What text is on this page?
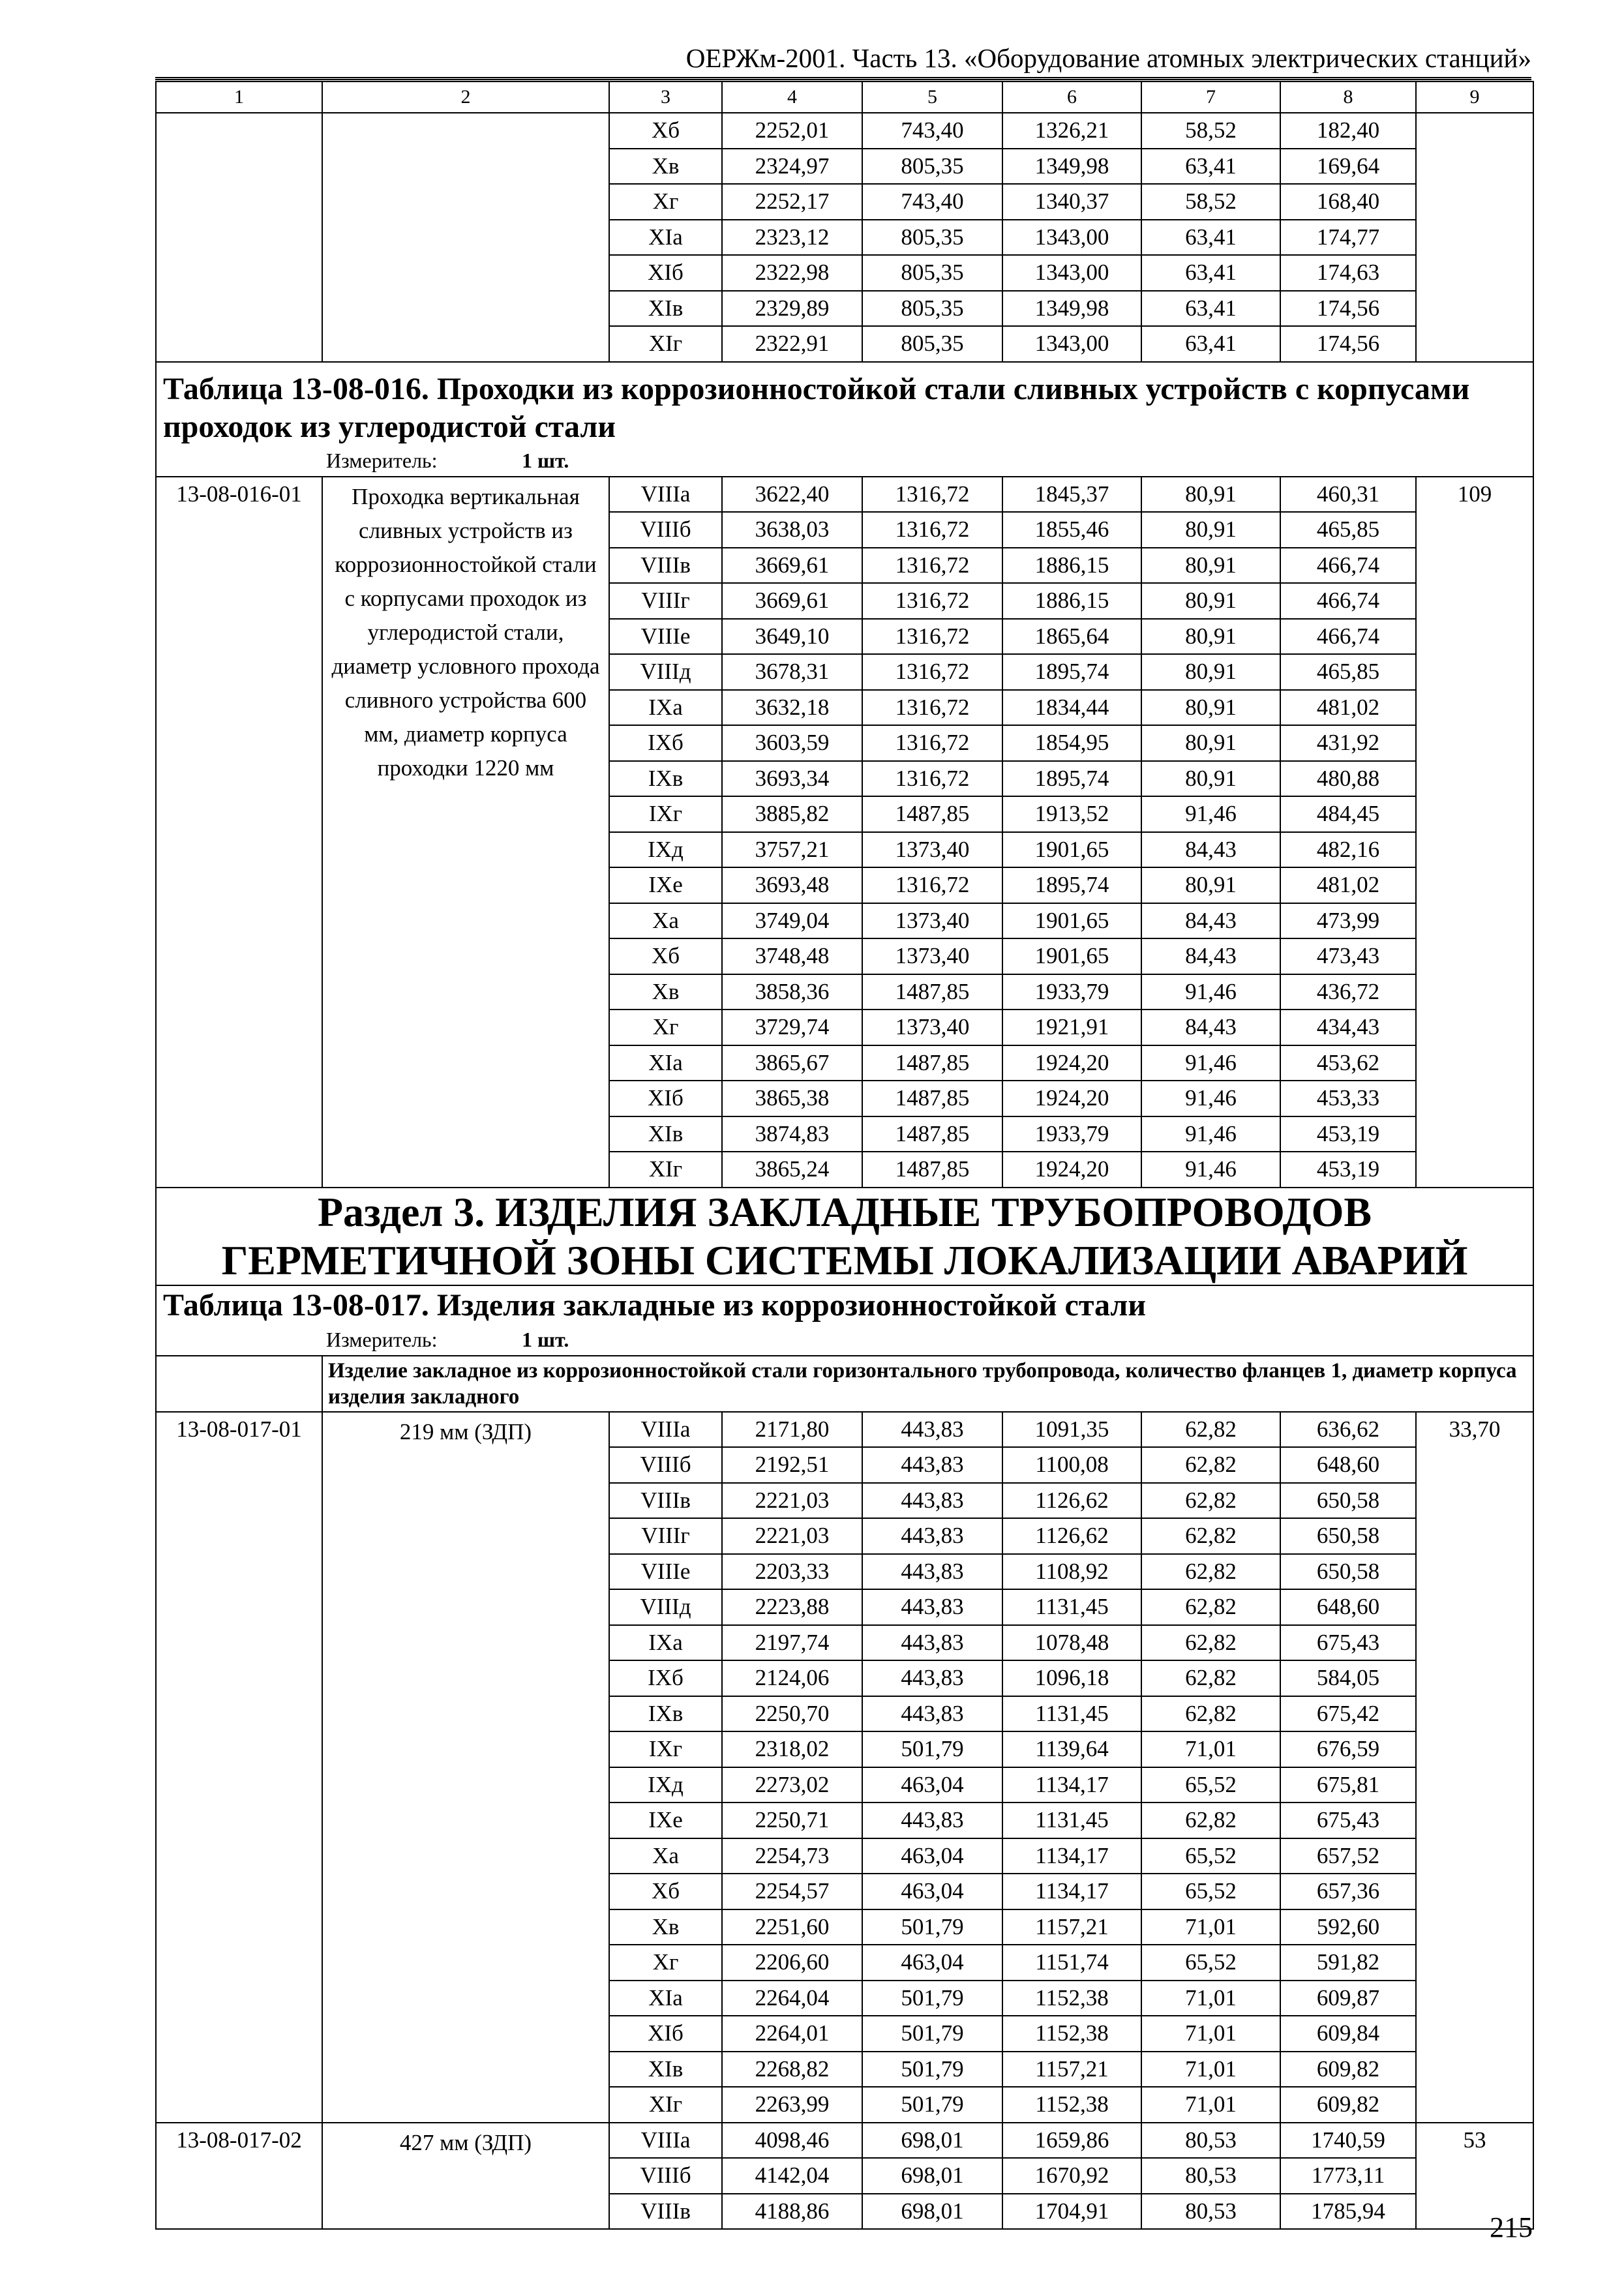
ОЕРЖм-2001. Часть 13. «Оборудование атомных электрических станций»
1	2	3	4	5	6	7	8	9
		Хб	2252,01	743,40	1326,21	58,52	182,40	
		Хв	2324,97	805,35	1349,98	63,41	169,64	
		Хг	2252,17	743,40	1340,37	58,52	168,40	
		XIа	2323,12	805,35	1343,00	63,41	174,77	
		XIб	2322,98	805,35	1343,00	63,41	174,63	
		XIв	2329,89	805,35	1349,98	63,41	174,56	
		XIг	2322,91	805,35	1343,00	63,41	174,56	
Таблица 13-08-016. Проходки из коррозионностойкой стали сливных устройств с корпусами проходок из углеродистой стали								
Измеритель: 1 шт.								
13-08-016-01	Проходка вертикальная сливных устройств из коррозионностойкой стали с корпусами проходок из углеродистой стали, диаметр условного прохода сливного устройства 600 мм, диаметр корпуса проходки 1220 мм	VIIIа	3622,40	1316,72	1845,37	80,91	460,31	109
		VIIIб	3638,03	1316,72	1855,46	80,91	465,85	
		VIIIв	3669,61	1316,72	1886,15	80,91	466,74	
		VIIIг	3669,61	1316,72	1886,15	80,91	466,74	
		VIIIе	3649,10	1316,72	1865,64	80,91	466,74	
		VIIIд	3678,31	1316,72	1895,74	80,91	465,85	
		IXа	3632,18	1316,72	1834,44	80,91	481,02	
		IXб	3603,59	1316,72	1854,95	80,91	431,92	
		IXв	3693,34	1316,72	1895,74	80,91	480,88	
		IXг	3885,82	1487,85	1913,52	91,46	484,45	
		IXд	3757,21	1373,40	1901,65	84,43	482,16	
		IXе	3693,48	1316,72	1895,74	80,91	481,02	
		Ха	3749,04	1373,40	1901,65	84,43	473,99	
		Хб	3748,48	1373,40	1901,65	84,43	473,43	
		Хв	3858,36	1487,85	1933,79	91,46	436,72	
		Хг	3729,74	1373,40	1921,91	84,43	434,43	
		XIа	3865,67	1487,85	1924,20	91,46	453,62	
		XIб	3865,38	1487,85	1924,20	91,46	453,33	
		XIв	3874,83	1487,85	1933,79	91,46	453,19	
		XIг	3865,24	1487,85	1924,20	91,46	453,19	
Раздел 3. ИЗДЕЛИЯ ЗАКЛАДНЫЕ ТРУБОПРОВОДОВ ГЕРМЕТИЧНОЙ ЗОНЫ СИСТЕМЫ ЛОКАЛИЗАЦИИ АВАРИЙ								
Таблица 13-08-017. Изделия закладные из коррозионностойкой стали								
Измеритель: 1 шт.								
	Изделие закладное из коррозионностойкой стали горизонтального трубопровода, количество фланцев 1, диаметр корпуса изделия закладного							
13-08-017-01	219 мм (ЗДП)	VIIIа	2171,80	443,83	1091,35	62,82	636,62	33,70
		VIIIб	2192,51	443,83	1100,08	62,82	648,60	
		VIIIв	2221,03	443,83	1126,62	62,82	650,58	
		VIIIг	2221,03	443,83	1126,62	62,82	650,58	
		VIIIе	2203,33	443,83	1108,92	62,82	650,58	
		VIIIд	2223,88	443,83	1131,45	62,82	648,60	
		IXа	2197,74	443,83	1078,48	62,82	675,43	
		IXб	2124,06	443,83	1096,18	62,82	584,05	
		IXв	2250,70	443,83	1131,45	62,82	675,42	
		IXг	2318,02	501,79	1139,64	71,01	676,59	
		IXд	2273,02	463,04	1134,17	65,52	675,81	
		IXе	2250,71	443,83	1131,45	62,82	675,43	
		Ха	2254,73	463,04	1134,17	65,52	657,52	
		Хб	2254,57	463,04	1134,17	65,52	657,36	
		Хв	2251,60	501,79	1157,21	71,01	592,60	
		Хг	2206,60	463,04	1151,74	65,52	591,82	
		XIа	2264,04	501,79	1152,38	71,01	609,87	
		XIб	2264,01	501,79	1152,38	71,01	609,84	
		XIв	2268,82	501,79	1157,21	71,01	609,82	
		XIг	2263,99	501,79	1152,38	71,01	609,82	
13-08-017-02	427 мм (ЗДП)	VIIIа	4098,46	698,01	1659,86	80,53	1740,59	53
		VIIIб	4142,04	698,01	1670,92	80,53	1773,11	
		VIIIв	4188,86	698,01	1704,91	80,53	1785,94	
215
